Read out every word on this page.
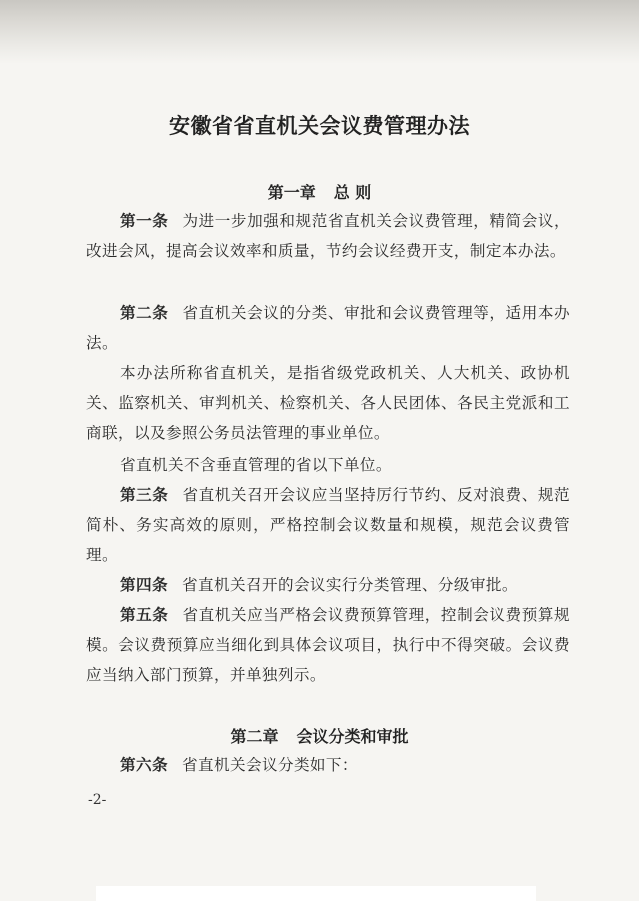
安徽省省直机关会议费管理办法
第一章 总 则

第一条 为进一步加强和规范省直机关会议费管理，精简会议，改进会风，提高会议效率和质量，节约会议经费开支，制定本办法。

第二条 省直机关会议的分类、审批和会议费管理等，适用本办法。

本办法所称省直机关，是指省级党政机关、人大机关、政协机关、监察机关、审判机关、检察机关、各人民团体、各民主党派和工商联，以及参照公务员法管理的事业单位。

省直机关不含垂直管理的省以下单位。

第三条 省直机关召开会议应当坚持厉行节约、反对浪费、规范简朴、务实高效的原则，严格控制会议数量和规模，规范会议费管理。

第四条 省直机关召开的会议实行分类管理、分级审批。

第五条 省直机关应当严格会议费预算管理，控制会议费预算规模。会议费预算应当细化到具体会议项目，执行中不得突破。会议费应当纳入部门预算，并单独列示。

第二章 会议分类和审批

第六条 省直机关会议分类如下：

-2-
